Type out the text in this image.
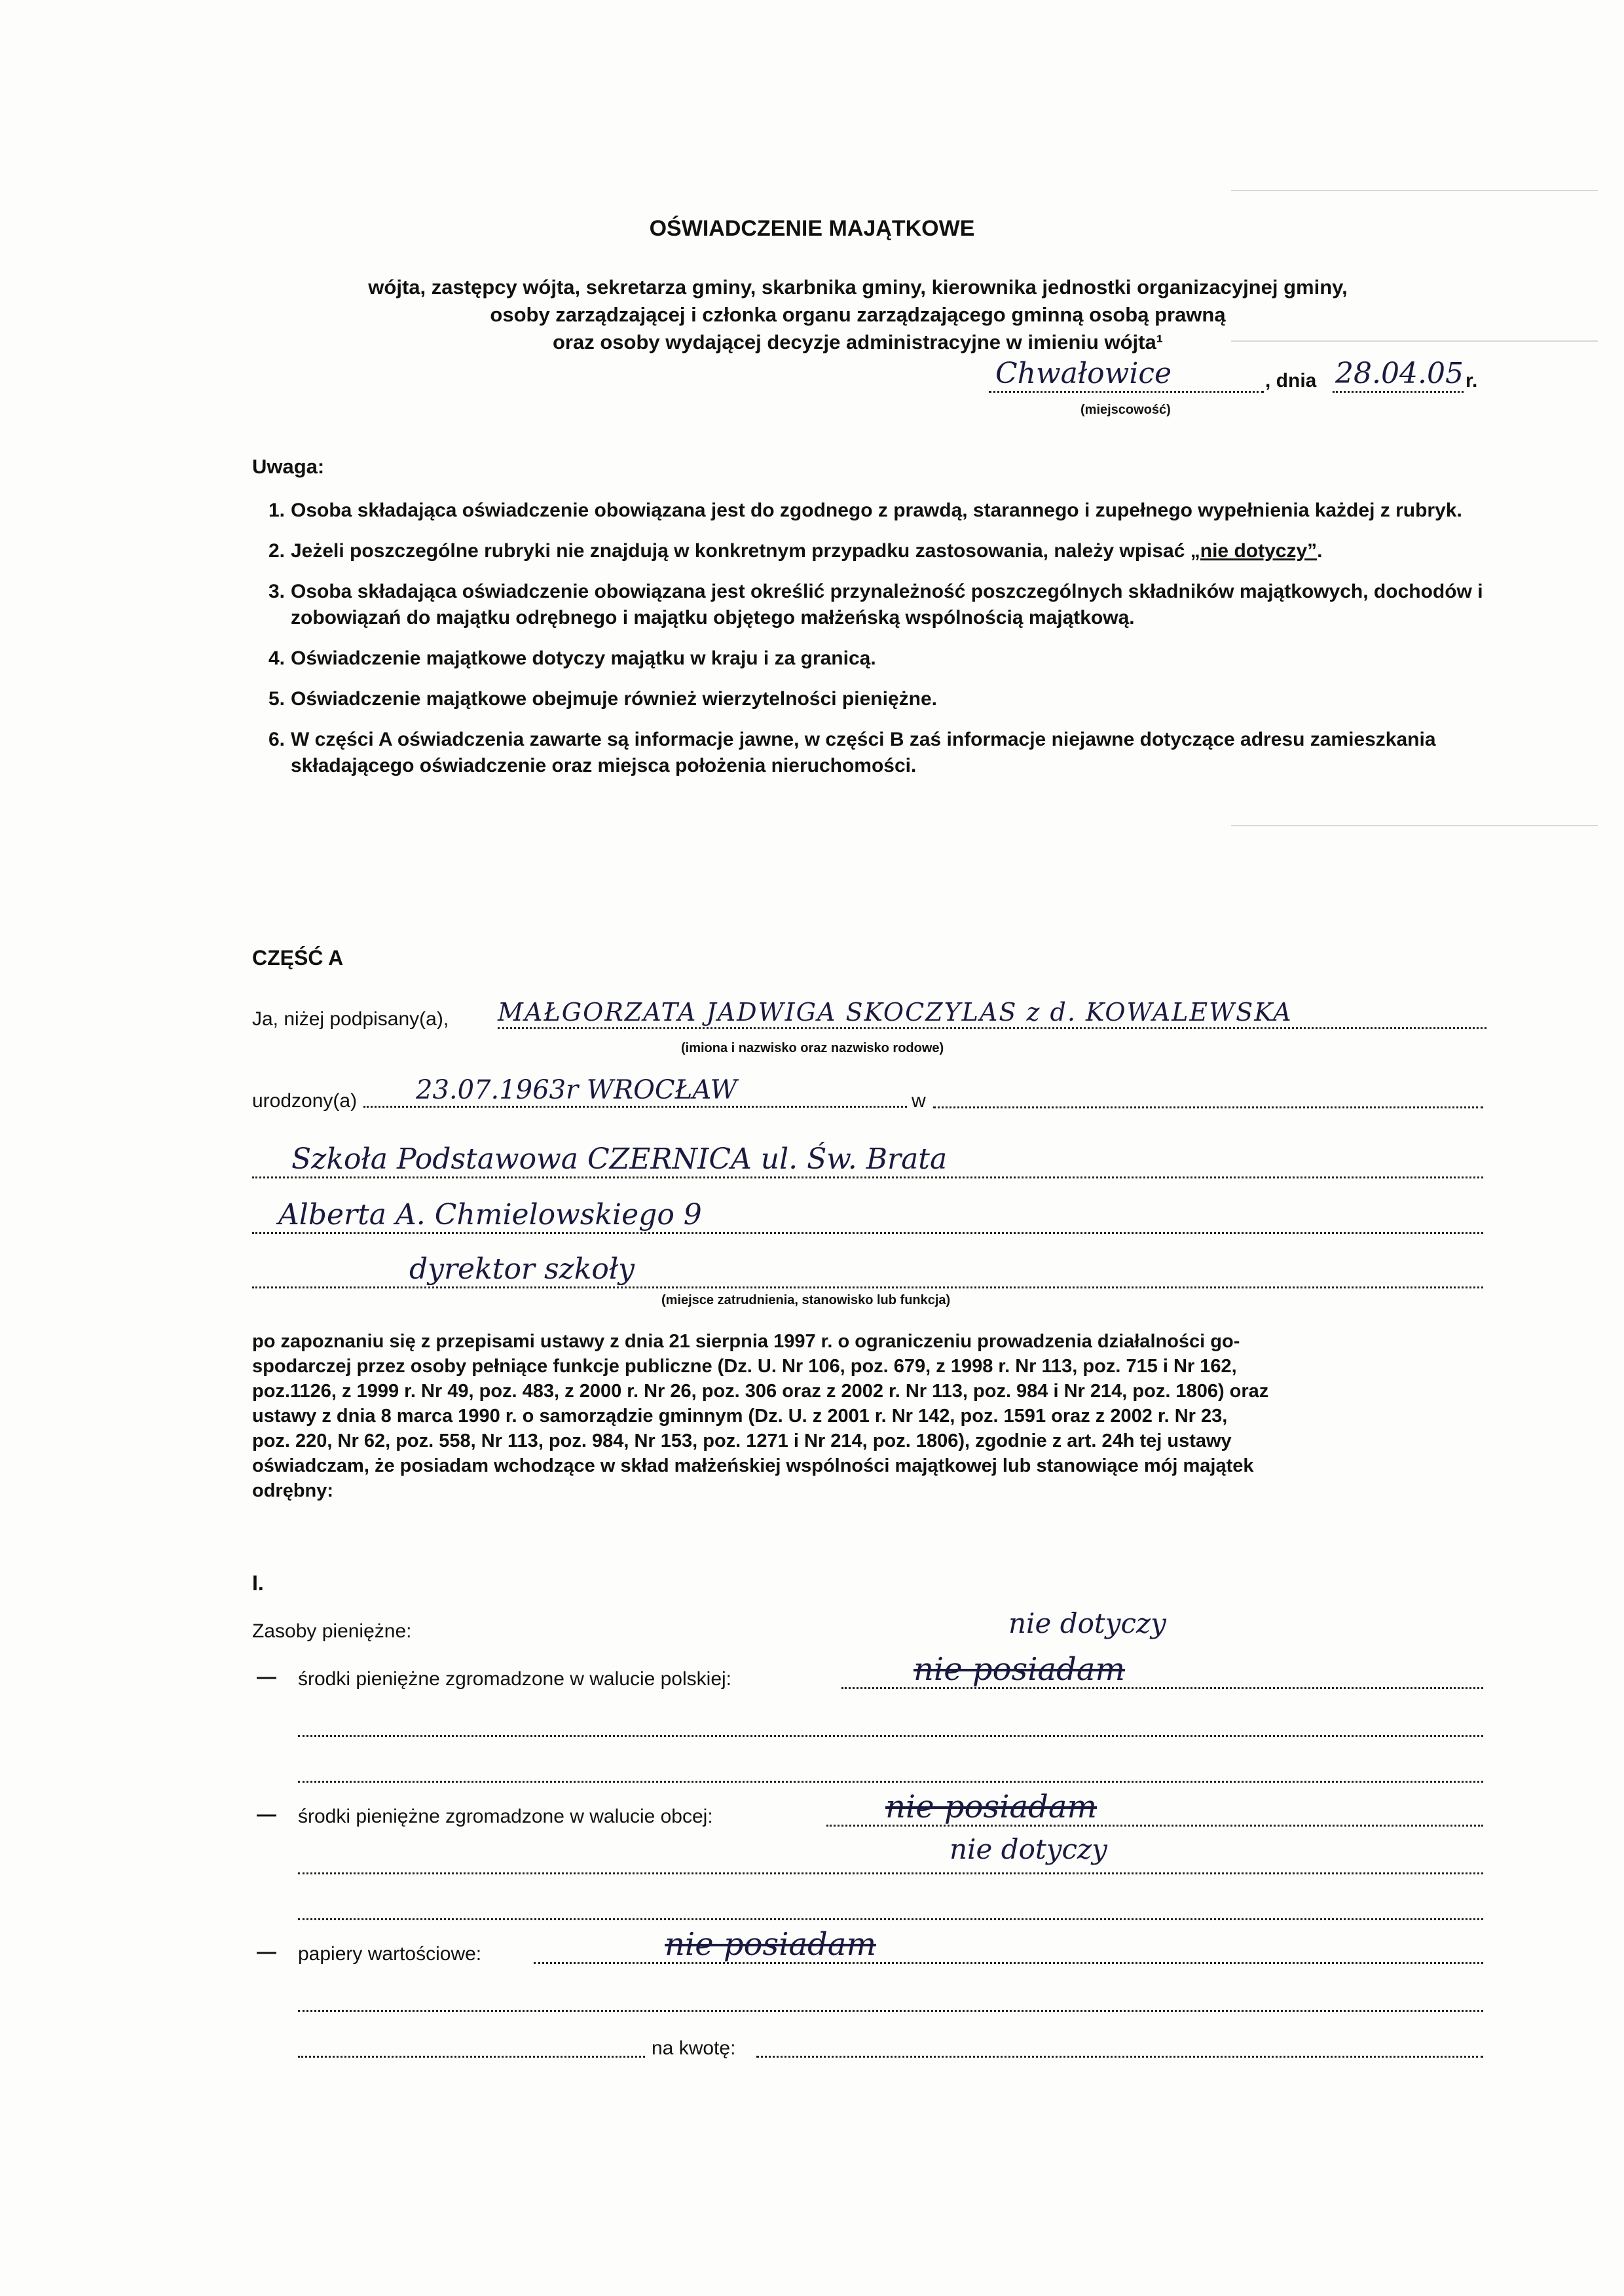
OŚWIADCZENIE MAJĄTKOWE
wójta, zastępcy wójta, sekretarza gminy, skarbnika gminy, kierownika jednostki organizacyjnej gminy,
osoby zarządzającej i członka organu zarządzającego gminną osobą prawną
oraz osoby wydającej decyzje administracyjne w imieniu wójta¹
Chwałowice	, dnia 28.04.05 r.
(miejscowość)
Uwaga:
1. Osoba składająca oświadczenie obowiązana jest do zgodnego z prawdą, starannego i zupełnego wypełnienia każdej z rubryk.
2. Jeżeli poszczególne rubryki nie znajdują w konkretnym przypadku zastosowania, należy wpisać „nie dotyczy”.
3. Osoba składająca oświadczenie obowiązana jest określić przynależność poszczególnych składników majątkowych, dochodów i zobowiązań do majątku odrębnego i majątku objętego małżeńską wspólnością majątkową.
4. Oświadczenie majątkowe dotyczy majątku w kraju i za granicą.
5. Oświadczenie majątkowe obejmuje również wierzytelności pieniężne.
6. W części A oświadczenia zawarte są informacje jawne, w części B zaś informacje niejawne dotyczące adresu zamieszkania składającego oświadczenie oraz miejsca położenia nieruchomości.
CZĘŚĆ A
Ja, niżej podpisany(a), MAŁGORZATA JADWIGA SKOCZYLAS z d. KOWALEWSKA
(imiona i nazwisko oraz nazwisko rodowe)
urodzony(a) 23.07.1963r WROCŁAW	w
Szkoła Podstawowa CZERNICA ul. Św. Brata
Alberta A. Chmielowskiego 9
dyrektor szkoły
(miejsce zatrudnienia, stanowisko lub funkcja)
po zapoznaniu się z przepisami ustawy z dnia 21 sierpnia 1997 r. o ograniczeniu prowadzenia działalności go-
spodarczej przez osoby pełniące funkcje publiczne (Dz. U. Nr 106, poz. 679, z 1998 r. Nr 113, poz. 715 i Nr 162,
poz.1126, z 1999 r. Nr 49, poz. 483, z 2000 r. Nr 26, poz. 306 oraz z 2002 r. Nr 113, poz. 984 i Nr 214, poz. 1806) oraz
ustawy z dnia 8 marca 1990 r. o samorządzie gminnym (Dz. U. z 2001 r. Nr 142, poz. 1591 oraz z 2002 r. Nr 23,
poz. 220, Nr 62, poz. 558, Nr 113, poz. 984, Nr 153, poz. 1271 i Nr 214, poz. 1806), zgodnie z art. 24h tej ustawy
oświadczam, że posiadam wchodzące w skład małżeńskiej wspólności majątkowej lub stanowiące mój majątek
odrębny:
I.
Zasoby pieniężne:
— środki pieniężne zgromadzone w walucie polskiej:	nie posiadam
nie dotyczy
— środki pieniężne zgromadzone w walucie obcej:	nie posiadam
nie dotyczy
— papiery wartościowe:	nie posiadam
na kwotę:
